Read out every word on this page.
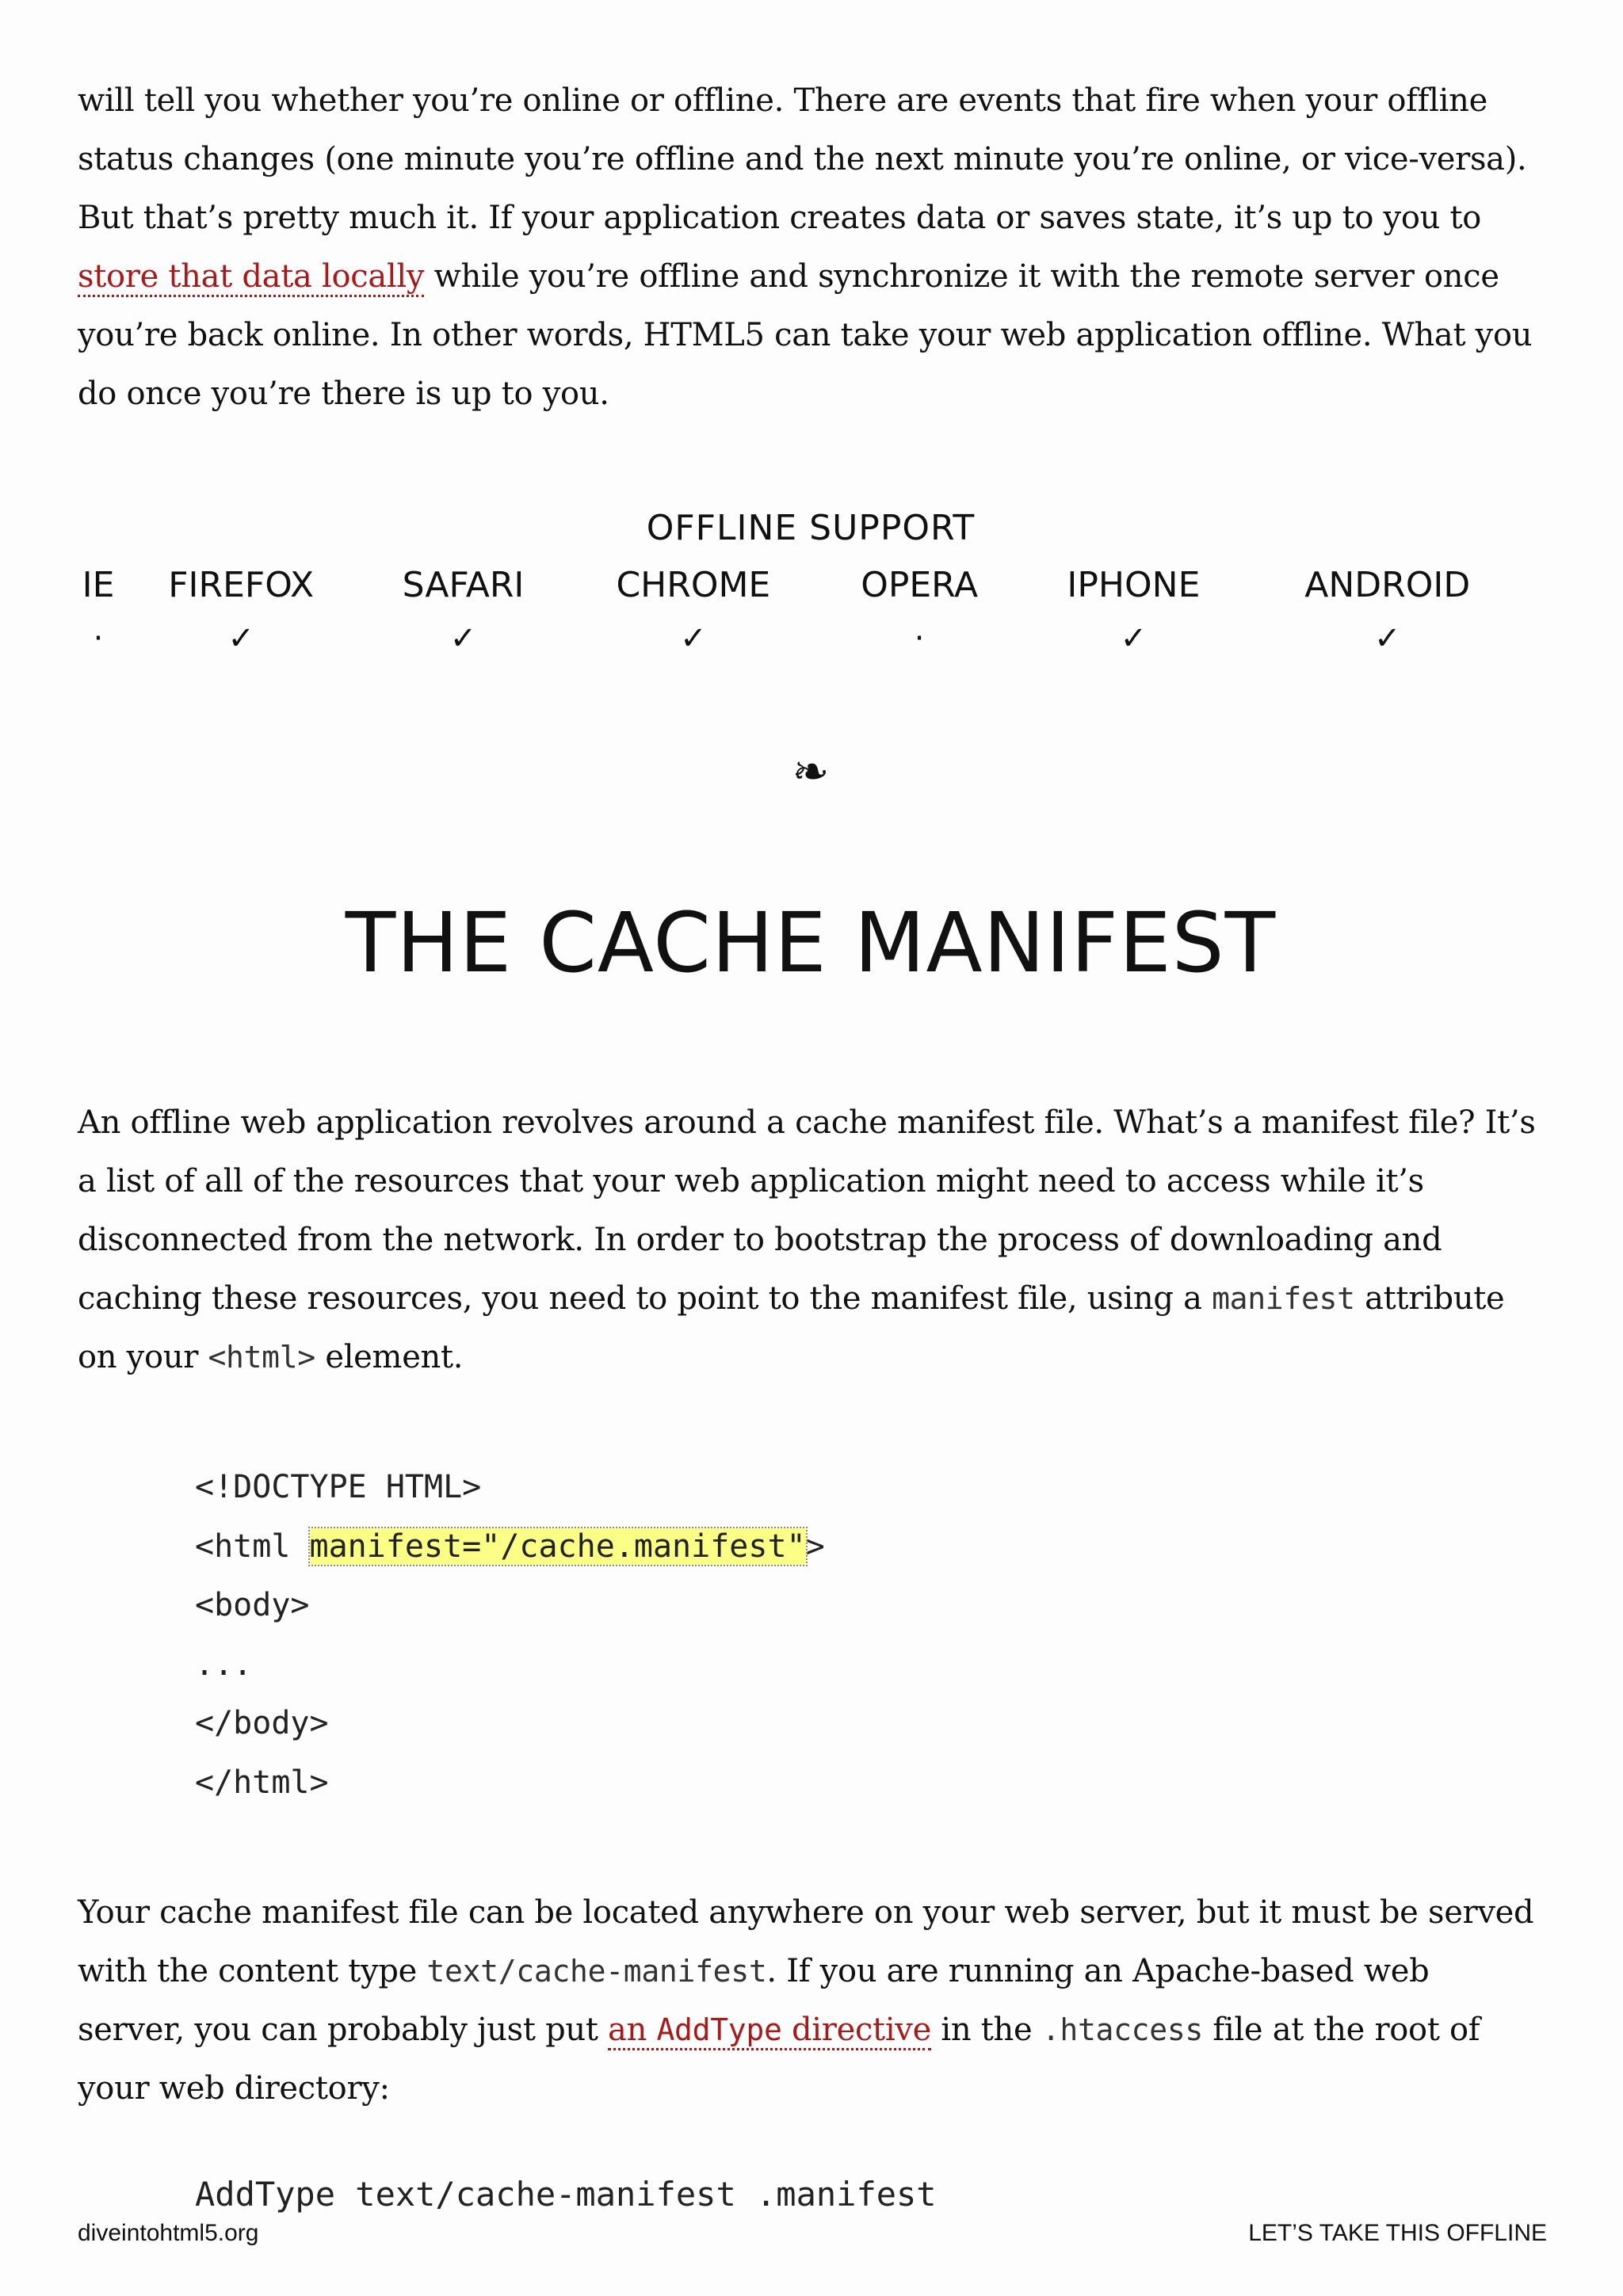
will tell you whether you’re online or offline. There are events that fire when your offline status changes (one minute you’re offline and the next minute you’re online, or vice-versa). But that’s pretty much it. If your application creates data or saves state, it’s up to you to store that data locally while you’re offline and synchronize it with the remote server once you’re back online. In other words, HTML5 can take your web application offline. What you do once you’re there is up to you.

OFFLINE SUPPORT
IE	FIREFOX	SAFARI	CHROME	OPERA	IPHONE	ANDROID
·	✓	✓	✓	·	✓	✓
❧
THE CACHE MANIFEST

An offline web application revolves around a cache manifest file. What’s a manifest file? It’s a list of all of the resources that your web application might need to access while it’s disconnected from the network. In order to bootstrap the process of downloading and caching these resources, you need to point to the manifest file, using a manifest attribute on your <html> element.

<!DOCTYPE HTML>
<html manifest="/cache.manifest">
<body>
...
</body>
</html>

Your cache manifest file can be located anywhere on your web server, but it must be served with the content type text/cache-manifest. If you are running an Apache-based web server, you can probably just put an AddType directive in the .htaccess file at the root of your web directory:

AddType text/cache-manifest .manifest
diveintohtml5.org	LET’S TAKE THIS OFFLINE
